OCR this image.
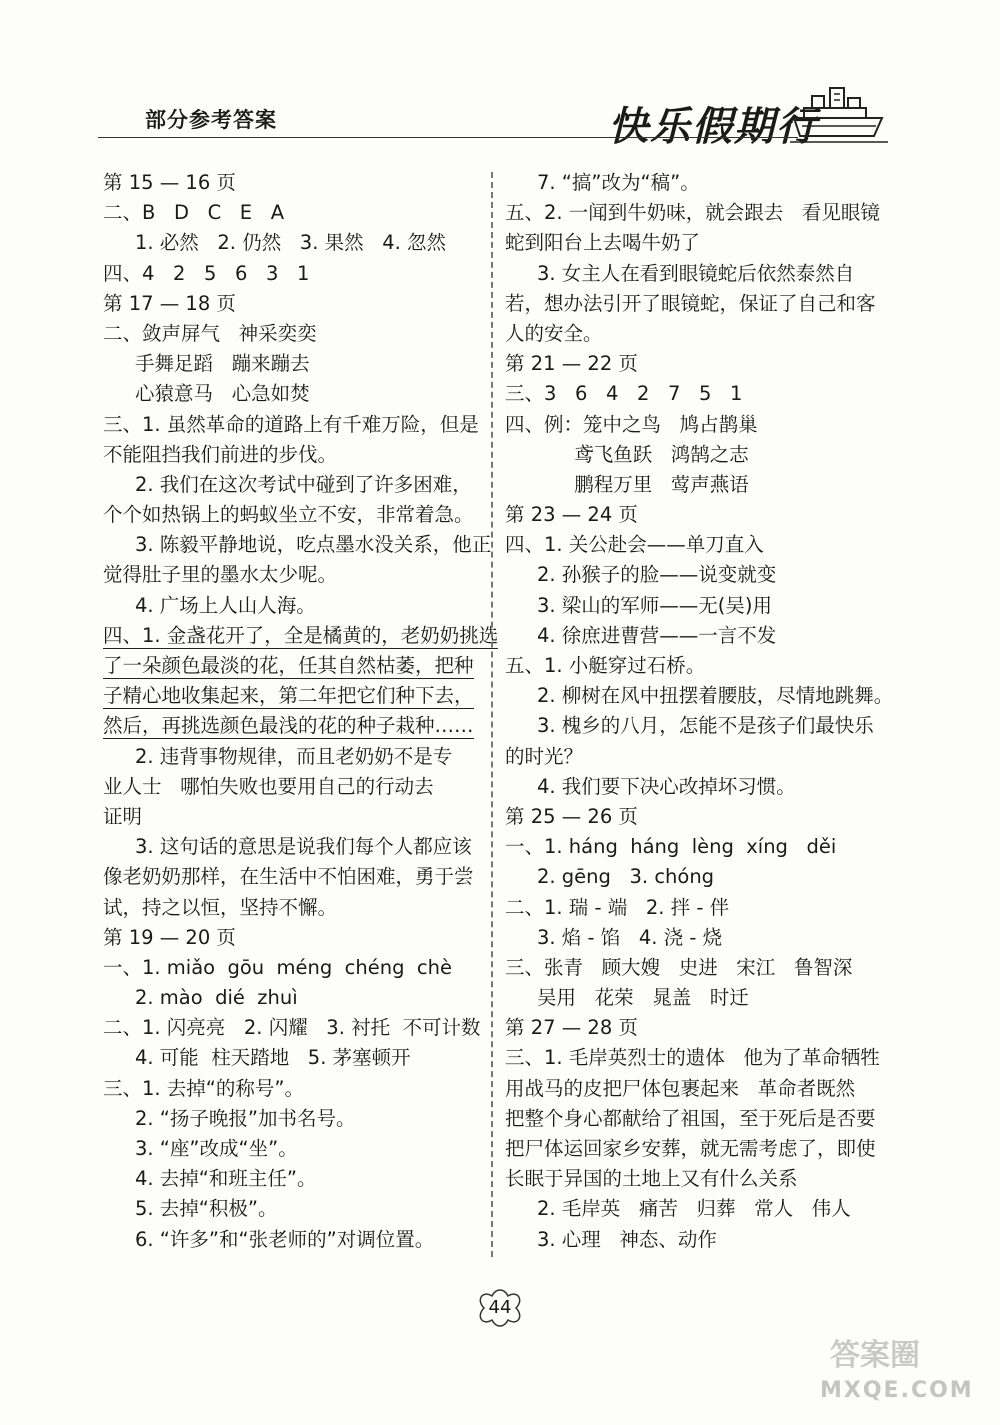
部分参考答案	快乐假期行
第 15 — 16 页
二、B   D   C   E   A
1. 必然   2. 仍然   3. 果然   4. 忽然
四、4   2   5   6   3   1
第 17 — 18 页
二、敛声屏气   神采奕奕
手舞足蹈   蹦来蹦去
心猿意马   心急如焚
三、1. 虽然革命的道路上有千难万险，但是
不能阻挡我们前进的步伐。
2. 我们在这次考试中碰到了许多困难，
个个如热锅上的蚂蚁坐立不安，非常着急。
3. 陈毅平静地说，吃点墨水没关系，他正
觉得肚子里的墨水太少呢。
4. 广场上人山人海。
四、1. 金盏花开了，全是橘黄的，老奶奶挑选
了一朵颜色最淡的花，任其自然枯萎，把种
子精心地收集起来，第二年把它们种下去，
然后，再挑选颜色最浅的花的种子栽种……
2. 违背事物规律，而且老奶奶不是专
业人士   哪怕失败也要用自己的行动去
证明
3. 这句话的意思是说我们每个人都应该
像老奶奶那样，在生活中不怕困难，勇于尝
试，持之以恒，坚持不懈。
第 19 — 20 页
一、1. miǎo  gōu  méng  chéng  chè
2. mào  dié  zhuì
二、1. 闪亮亮   2. 闪耀   3. 衬托  不可计数
4. 可能  柱天踏地   5. 茅塞顿开
三、1. 去掉“的称号”。
2. “扬子晚报”加书名号。
3. “座”改成“坐”。
4. 去掉“和班主任”。
5. 去掉“积极”。
6. “许多”和“张老师的”对调位置。
7. “搞”改为“稿”。
五、2. 一闻到牛奶味，就会跟去   看见眼镜
蛇到阳台上去喝牛奶了
3. 女主人在看到眼镜蛇后依然泰然自
若，想办法引开了眼镜蛇，保证了自己和客
人的安全。
第 21 — 22 页
三、3   6   4   2   7   5   1
四、例：笼中之鸟   鸠占鹊巢
鸢飞鱼跃   鸿鹄之志
鹏程万里   莺声燕语
第 23 — 24 页
四、1. 关公赴会——单刀直入
2. 孙猴子的脸——说变就变
3. 梁山的军师——无(吴)用
4. 徐庶进曹营——一言不发
五、1. 小艇穿过石桥。
2. 柳树在风中扭摆着腰肢，尽情地跳舞。
3. 槐乡的八月，怎能不是孩子们最快乐
的时光？
4. 我们要下决心改掉坏习惯。
第 25 — 26 页
一、1. háng  háng  lèng  xíng   děi
2. gēng   3. chóng
二、1. 瑞 - 端   2. 拌 - 伴
3. 焰 - 馅   4. 浇 - 烧
三、张青   顾大嫂   史进   宋江   鲁智深
吴用   花荣   晁盖   时迁
第 27 — 28 页
三、1. 毛岸英烈士的遗体   他为了革命牺牲
用战马的皮把尸体包裹起来   革命者既然
把整个身心都献给了祖国，至于死后是否要
把尸体运回家乡安葬，就无需考虑了，即使
长眠于异国的土地上又有什么关系
2. 毛岸英   痛苦   归葬   常人   伟人
3. 心理   神态、动作
44
答案圈
MXQE.COM
